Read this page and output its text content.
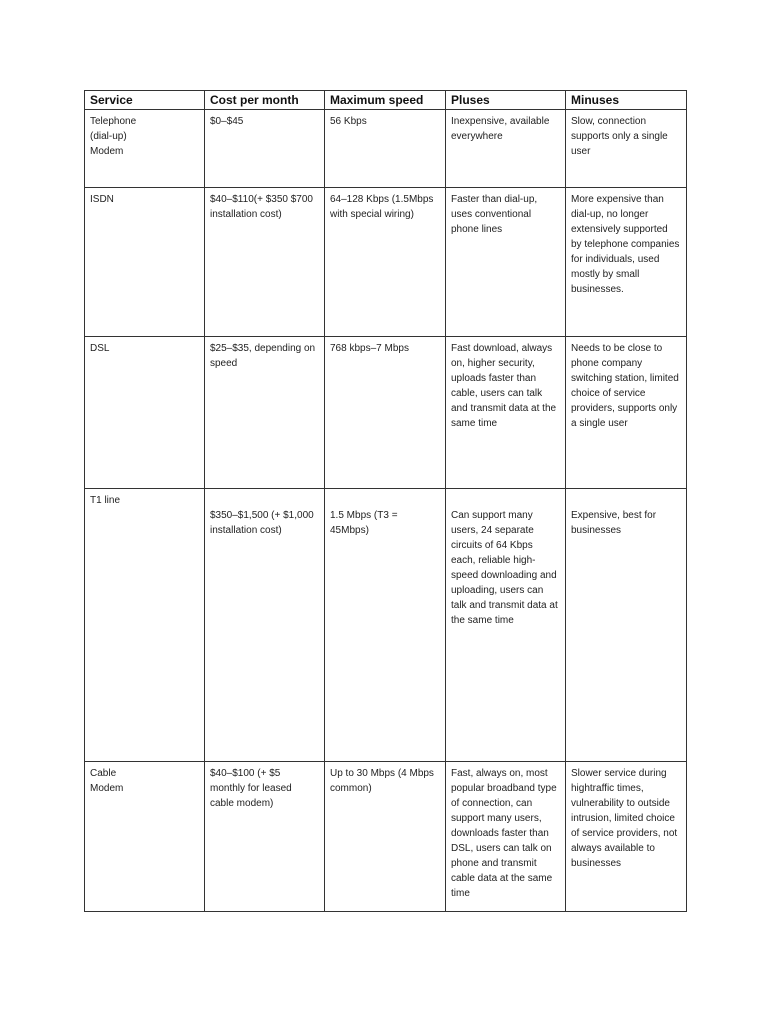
Service	Cost per month	Maximum speed	Pluses	Minuses

Telephone
(dial-up)
Modem	$0–$45	56 Kbps	Inexpensive, available everywhere	Slow, connection supports only a single user

ISDN	$40–$110(+ $350 $700 installation cost)	64–128 Kbps (1.5Mbps with special wiring)	Faster than dial-up, uses conventional phone lines	More expensive than dial-up, no longer extensively supported by telephone companies for individuals, used mostly by small businesses.

DSL	$25–$35, depending on speed	768 kbps–7 Mbps	Fast download, always on, higher security, uploads faster than cable, users can talk and transmit data at the same time	Needs to be close to phone company switching station, limited choice of service providers, supports only a single user

T1 line	$350–$1,500 (+ $1,000 installation cost)	1.5 Mbps (T3 = 45Mbps)	Can support many users, 24 separate circuits of 64 Kbps each, reliable high-speed downloading and uploading, users can talk and transmit data at the same time	Expensive, best for businesses

Cable
Modem	$40–$100 (+ $5 monthly for leased cable modem)	Up to 30 Mbps (4 Mbps common)	Fast, always on, most popular broadband type of connection, can support many users, downloads faster than DSL, users can talk on phone and transmit cable data at the same time	Slower service during hightraffic times, vulnerability to outside intrusion, limited choice of service providers, not always available to businesses
